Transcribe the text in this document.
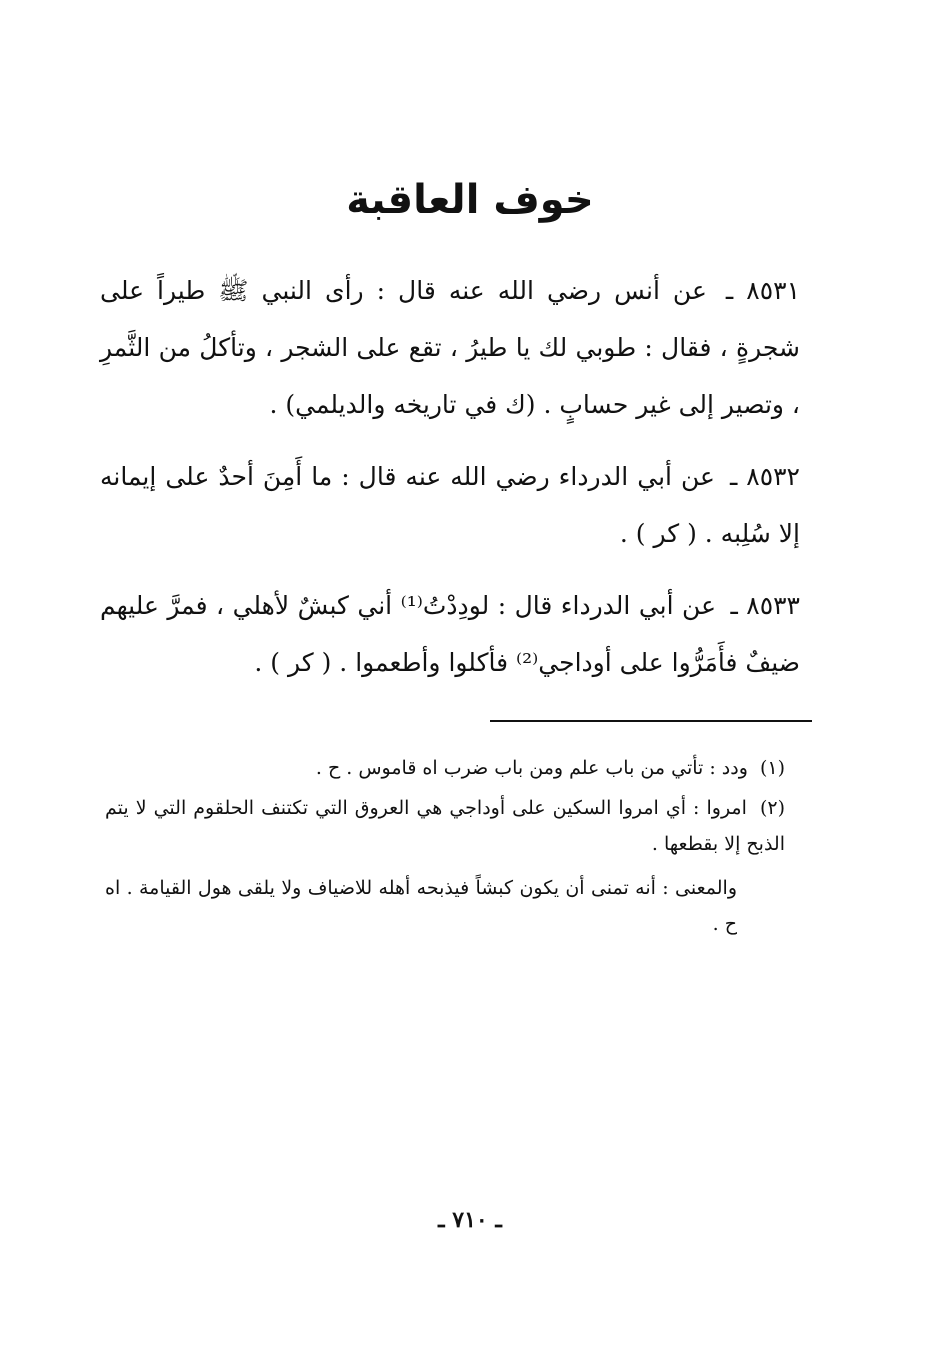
خوف العاقبة

٨٥٣١ ـ عن أنس رضي الله عنه قال : رأى النبي ﷺ طيراً على شجرةٍ ، فقال : طوبي لك يا طيرُ ، تقع على الشجر ، وتأكلُ من الثَّمرِ ، وتصير إلى غير حسابٍ . (ك في تاريخه والديلمي) .

٨٥٣٢ ـ عن أبي الدرداء رضي الله عنه قال : ما أَمِنَ أحدٌ على إيمانه إلا سُلِبه . ( كر ) .

٨٥٣٣ ـ عن أبي الدرداء قال : لودِدْتُ⁽¹⁾ أني كبشٌ لأهلي ، فمرَّ عليهم ضيفٌ فأَمَرُّوا على أوداجي⁽²⁾ فأكلوا وأطعموا . ( كر ) .

(١) ودد : تأتي من باب علم ومن باب ضرب اه قاموس . ح .

(٢) امروا : أي امروا السكين على أوداجي هي العروق التي تكتنف الحلقوم التي لا يتم الذبح إلا بقطعها .

والمعنى : أنه تمنى أن يكون كبشاً فيذبحه أهله للاضياف ولا يلقى هول القيامة . اه ح .

ـ ٧١٠ ـ
